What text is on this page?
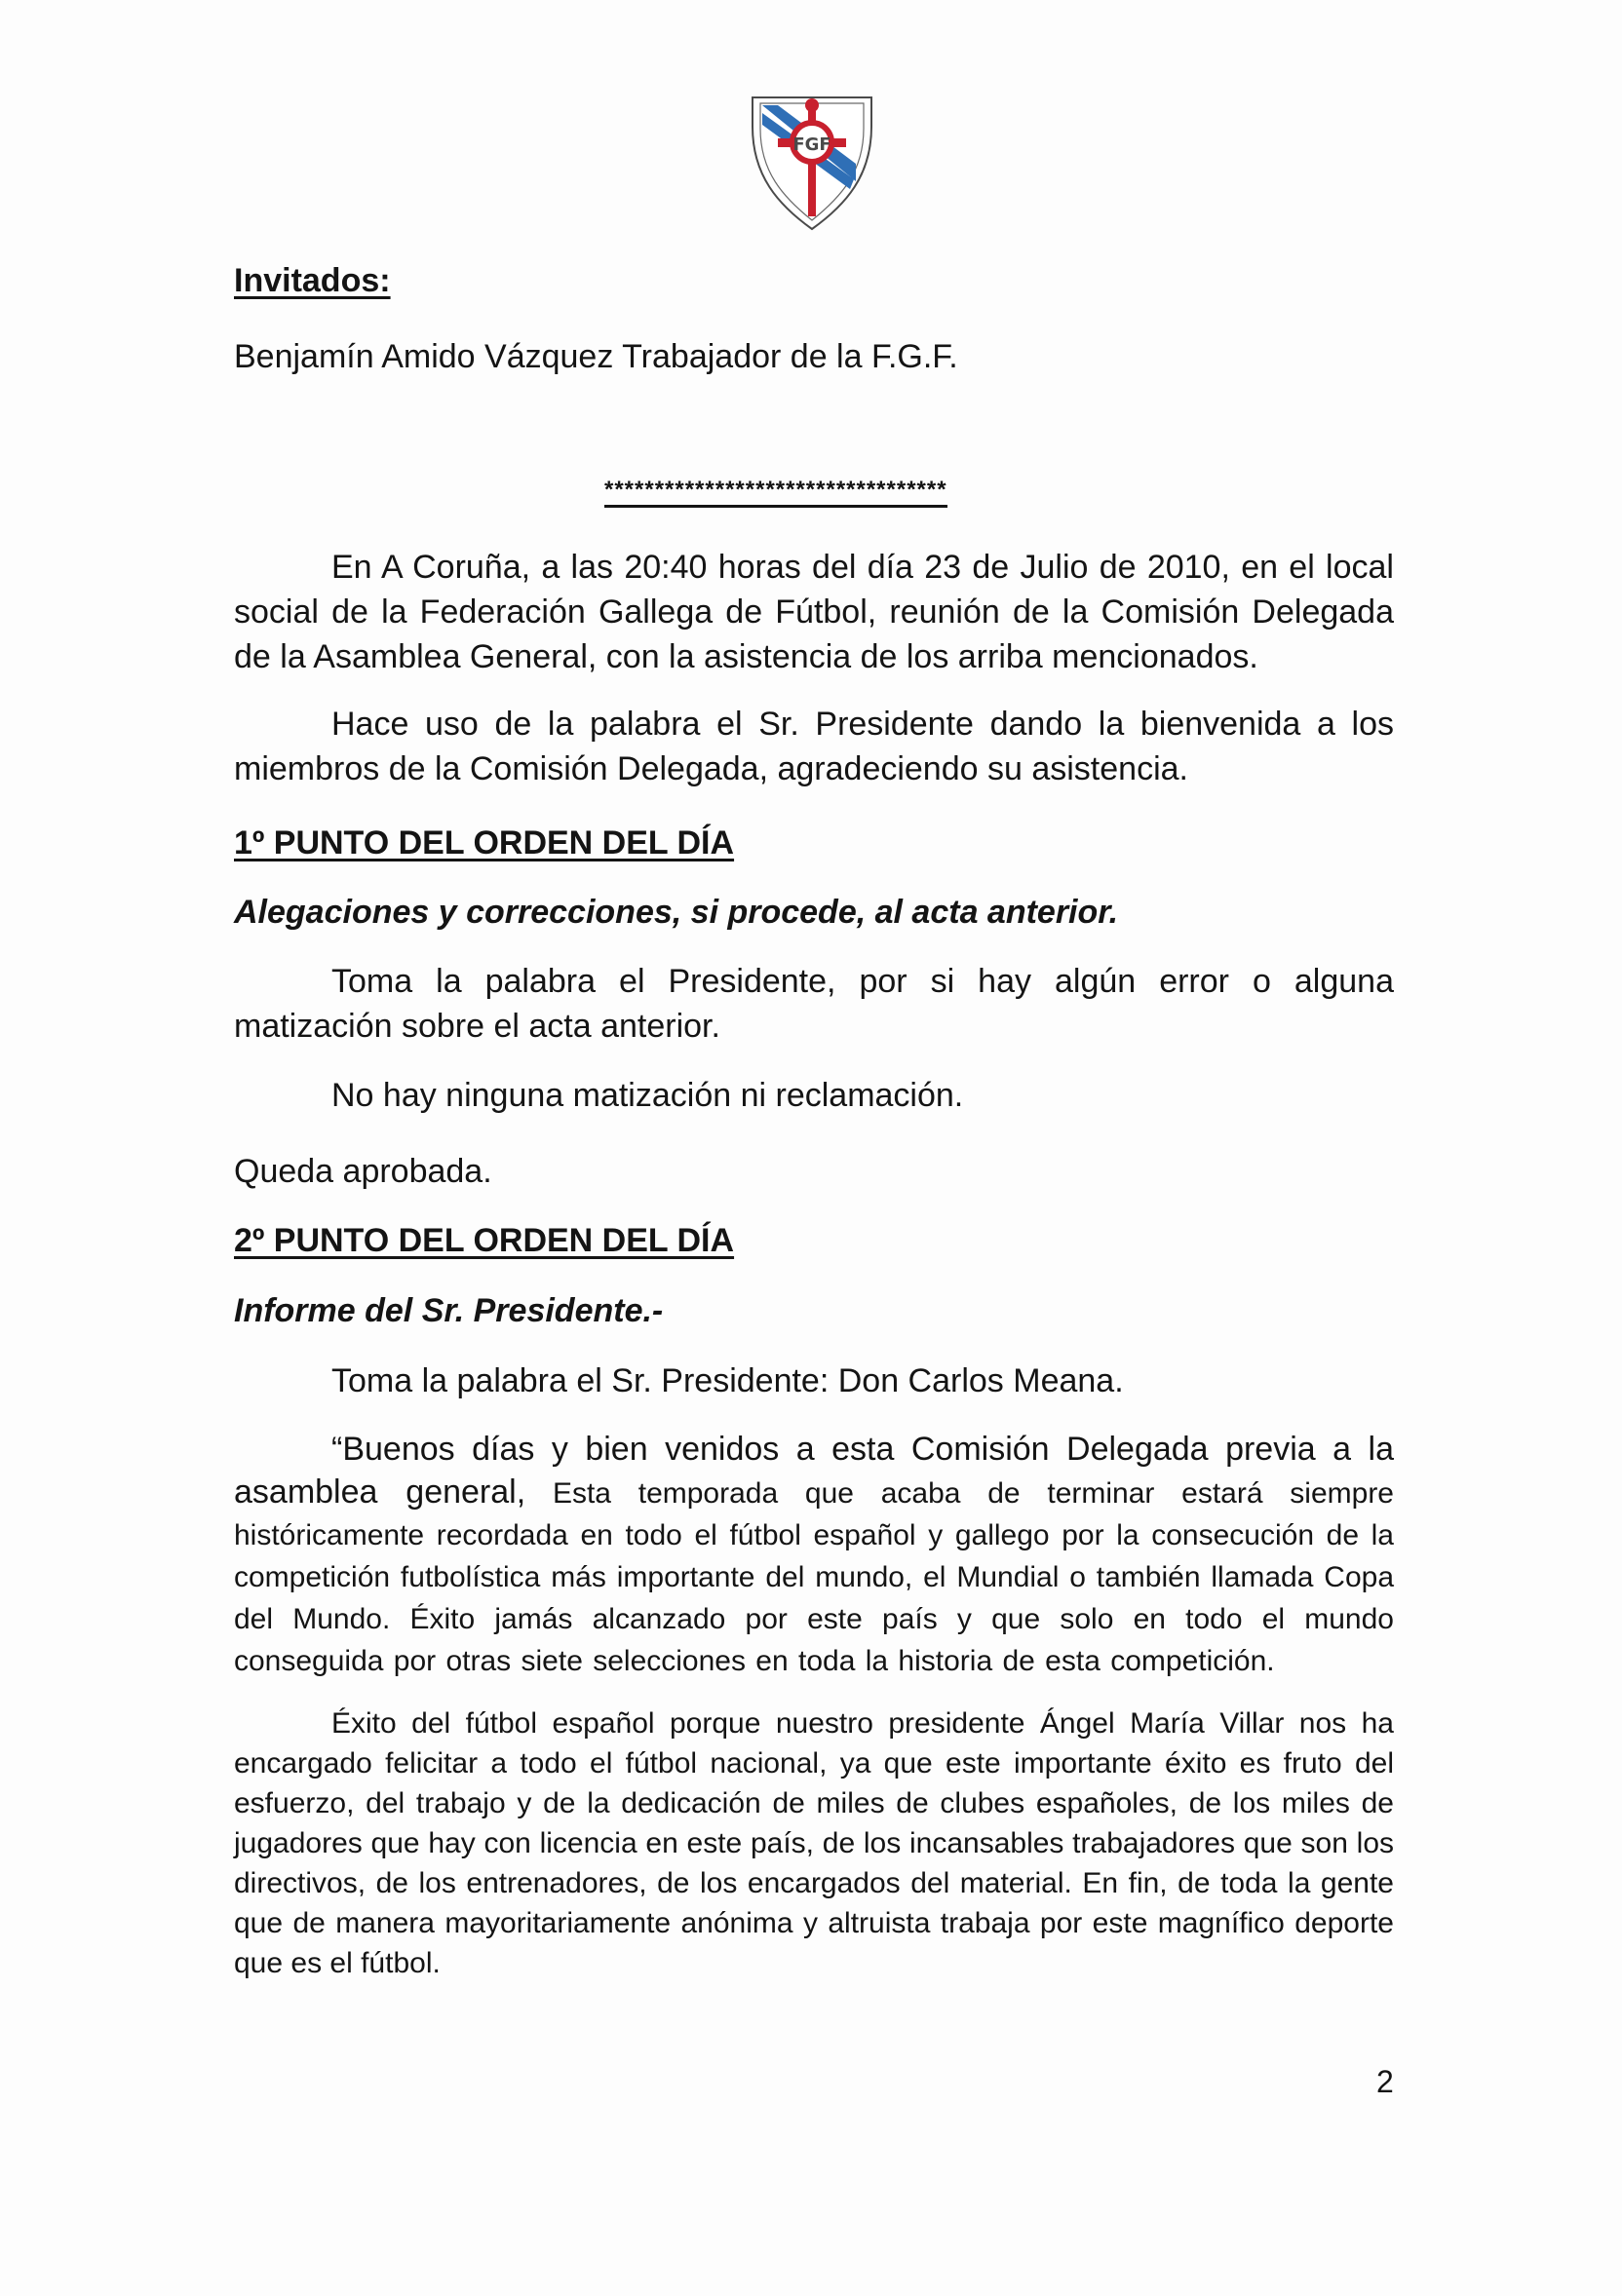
FGF

Invitados:

Benjamín Amido Vázquez Trabajador de la F.G.F.

**********************************

En A Coruña, a las 20:40 horas del día 23 de Julio de 2010, en el local social de la Federación Gallega de Fútbol, reunión de la Comisión Delegada de la Asamblea General, con la asistencia de los arriba mencionados.

Hace uso de la palabra el Sr. Presidente dando la bienvenida a los miembros de la Comisión Delegada, agradeciendo su asistencia.

1º PUNTO DEL ORDEN DEL DÍA

Alegaciones y correcciones, si procede, al acta anterior.

Toma la palabra el Presidente, por si hay algún error o alguna matización sobre el acta anterior.

No hay ninguna matización ni reclamación.

Queda aprobada.

2º PUNTO DEL ORDEN DEL DÍA

Informe del Sr. Presidente.-

Toma la palabra el Sr. Presidente: Don Carlos Meana.

“Buenos días y bien venidos a esta Comisión Delegada previa a la asamblea general, Esta temporada que acaba de terminar estará siempre históricamente recordada en todo el fútbol español y gallego por la consecución de la competición futbolística más importante del mundo, el Mundial o también llamada Copa del Mundo. Éxito jamás alcanzado por este país y que solo en todo el mundo conseguida por otras siete selecciones en toda la historia de esta competición.

Éxito del fútbol español porque nuestro presidente Ángel María Villar nos ha encargado felicitar a todo el fútbol nacional, ya que este importante éxito es fruto del esfuerzo, del trabajo y de la dedicación de miles de clubes españoles, de los miles de jugadores que hay con licencia en este país, de los incansables trabajadores que son los directivos, de los entrenadores, de los encargados del material. En fin, de toda la gente que de manera mayoritariamente anónima y altruista trabaja por este magnífico deporte que es el fútbol.

2
